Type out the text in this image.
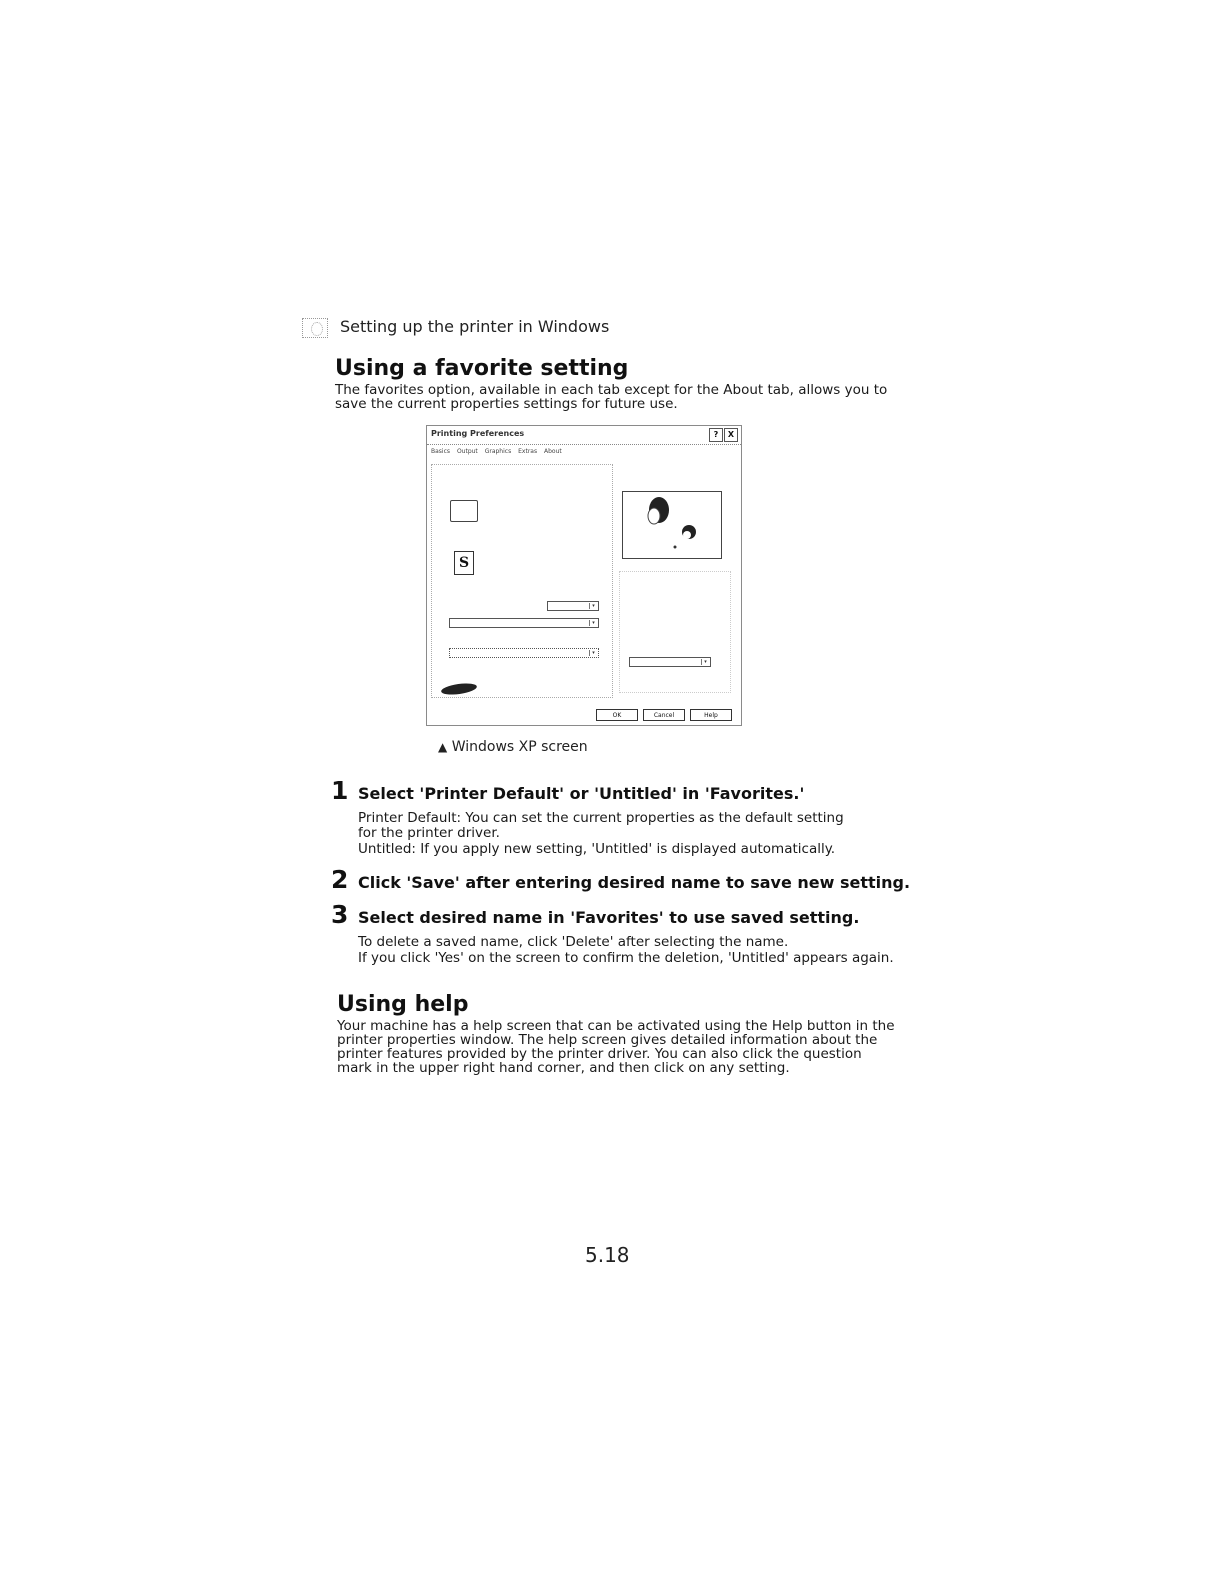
Setting up the printer in Windows
Using a favorite setting
The favorites option, available in each tab except for the About tab, allows you to
save the current properties settings for future use.
Printing Preferences	?	X
Basics Output Graphics Extras About
S
▾
▾
▾
▾
OK	Cancel	Help
▲ Windows XP screen
1 Select 'Printer Default' or 'Untitled' in 'Favorites.'
Printer Default: You can set the current properties as the default setting
for the printer driver.
Untitled: If you apply new setting, 'Untitled' is displayed automatically.
2 Click 'Save' after entering desired name to save new setting.
3 Select desired name in 'Favorites' to use saved setting.
To delete a saved name, click 'Delete' after selecting the name.
If you click 'Yes' on the screen to confirm the deletion, 'Untitled' appears again.
Using help
Your machine has a help screen that can be activated using the Help button in the
printer properties window. The help screen gives detailed information about the
printer features provided by the printer driver. You can also click the question
mark in the upper right hand corner, and then click on any setting.
5.18
